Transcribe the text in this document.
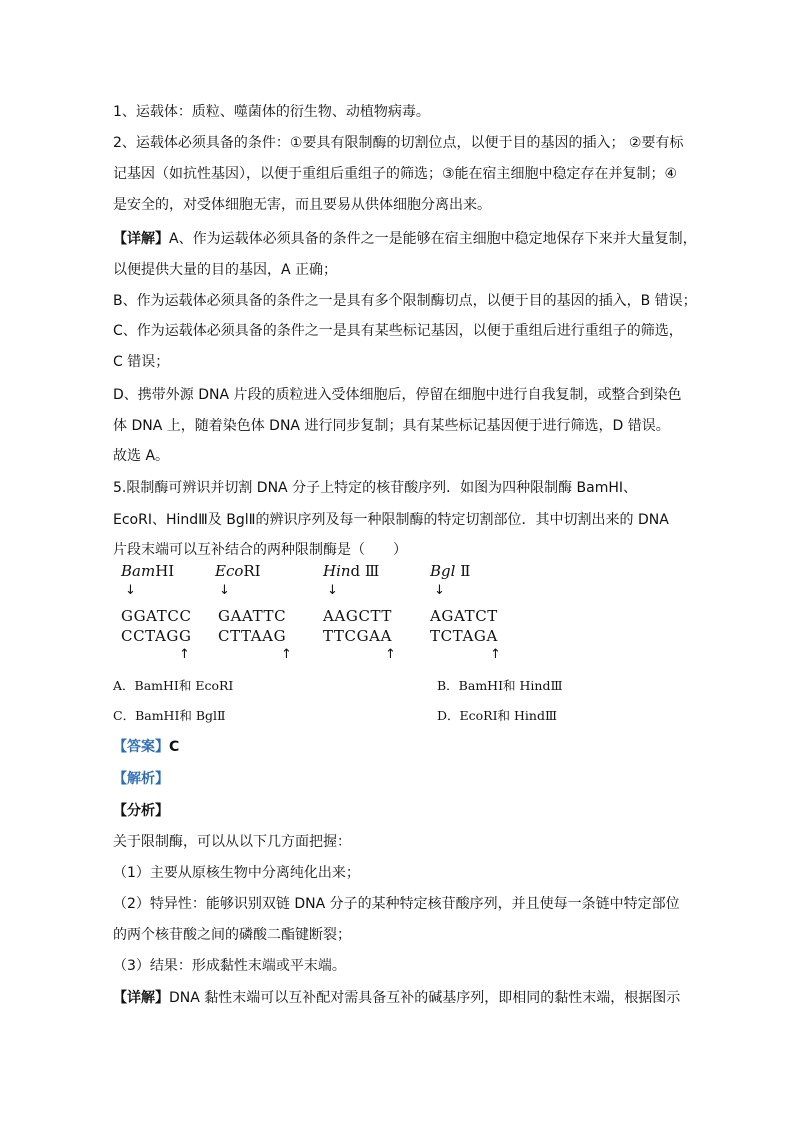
1、运载体：质粒、噬菌体的衍生物、动植物病毒。
2、运载体必须具备的条件：①要具有限制酶的切割位点，以便于目的基因的插入； ②要有标
记基因（如抗性基因），以便于重组后重组子的筛选；③能在宿主细胞中稳定存在并复制；④
是安全的，对受体细胞无害，而且要易从供体细胞分离出来。
【详解】A、作为运载体必须具备的条件之一是能够在宿主细胞中稳定地保存下来并大量复制，
以便提供大量的目的基因，A 正确；
B、作为运载体必须具备的条件之一是具有多个限制酶切点，以便于目的基因的插入，B 错误；
C、作为运载体必须具备的条件之一是具有某些标记基因，以便于重组后进行重组子的筛选，
C 错误；
D、携带外源 DNA 片段的质粒进入受体细胞后，停留在细胞中进行自我复制，或整合到染色
体 DNA 上，随着染色体 DNA 进行同步复制；具有某些标记基因便于进行筛选，D 错误。
故选 A。
5.限制酶可辨识并切割 DNA 分子上特定的核苷酸序列．如图为四种限制酶 BamHⅠ、
EcoRⅠ、HindⅢ及 BglⅡ的辨识序列及每一种限制酶的特定切割部位．其中切割出来的 DNA
片段末端可以互补结合的两种限制酶是（　　）
BamHⅠ
↓
GGATCC
CCTAGG
↑
EcoRⅠ
↓
GAATTC
CTTAAG
↑
Hind Ⅲ
↓
AAGCTT
TTCGAA
↑
Bgl Ⅱ
↓
AGATCT
TCTAGA
↑
A．BamHⅠ和 EcoRⅠ	B．BamHⅠ和 HindⅢ
C．BamHⅠ和 BglⅡ	D．EcoRⅠ和 HindⅢ
【答案】C
【解析】
【分析】
关于限制酶，可以从以下几方面把握：
（1）主要从原核生物中分离纯化出来；
（2）特异性：能够识别双链 DNA 分子的某种特定核苷酸序列，并且使每一条链中特定部位
的两个核苷酸之间的磷酸二酯键断裂；
（3）结果：形成黏性末端或平末端。
【详解】DNA 黏性末端可以互补配对需具备互补的碱基序列，即相同的黏性末端，根据图示
